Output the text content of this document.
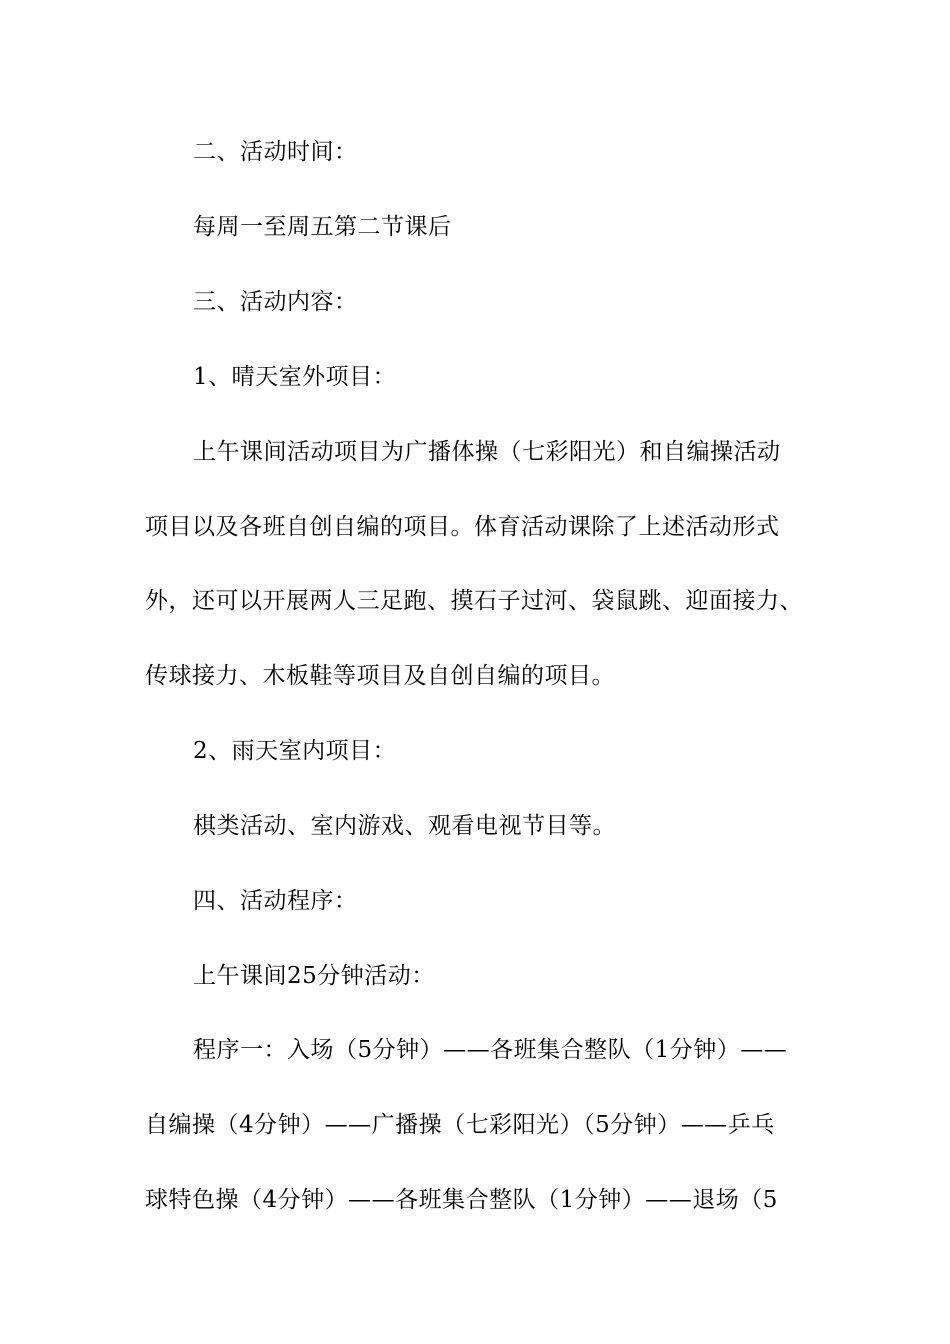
二、活动时间：
每周一至周五第二节课后
三、活动内容：
1、晴天室外项目：
上午课间活动项目为广播体操（七彩阳光）和自编操活动
项目以及各班自创自编的项目。体育活动课除了上述活动形式
外，还可以开展两人三足跑、摸石子过河、袋鼠跳、迎面接力、
传球接力、木板鞋等项目及自创自编的项目。
2、雨天室内项目：
棋类活动、室内游戏、观看电视节目等。
四、活动程序：
上午课间25分钟活动：
程序一：入场（5分钟）——各班集合整队（1分钟）——
自编操（4分钟）——广播操（七彩阳光）（5分钟）——乒乓
球特色操（4分钟）——各班集合整队（1分钟）——退场（5
